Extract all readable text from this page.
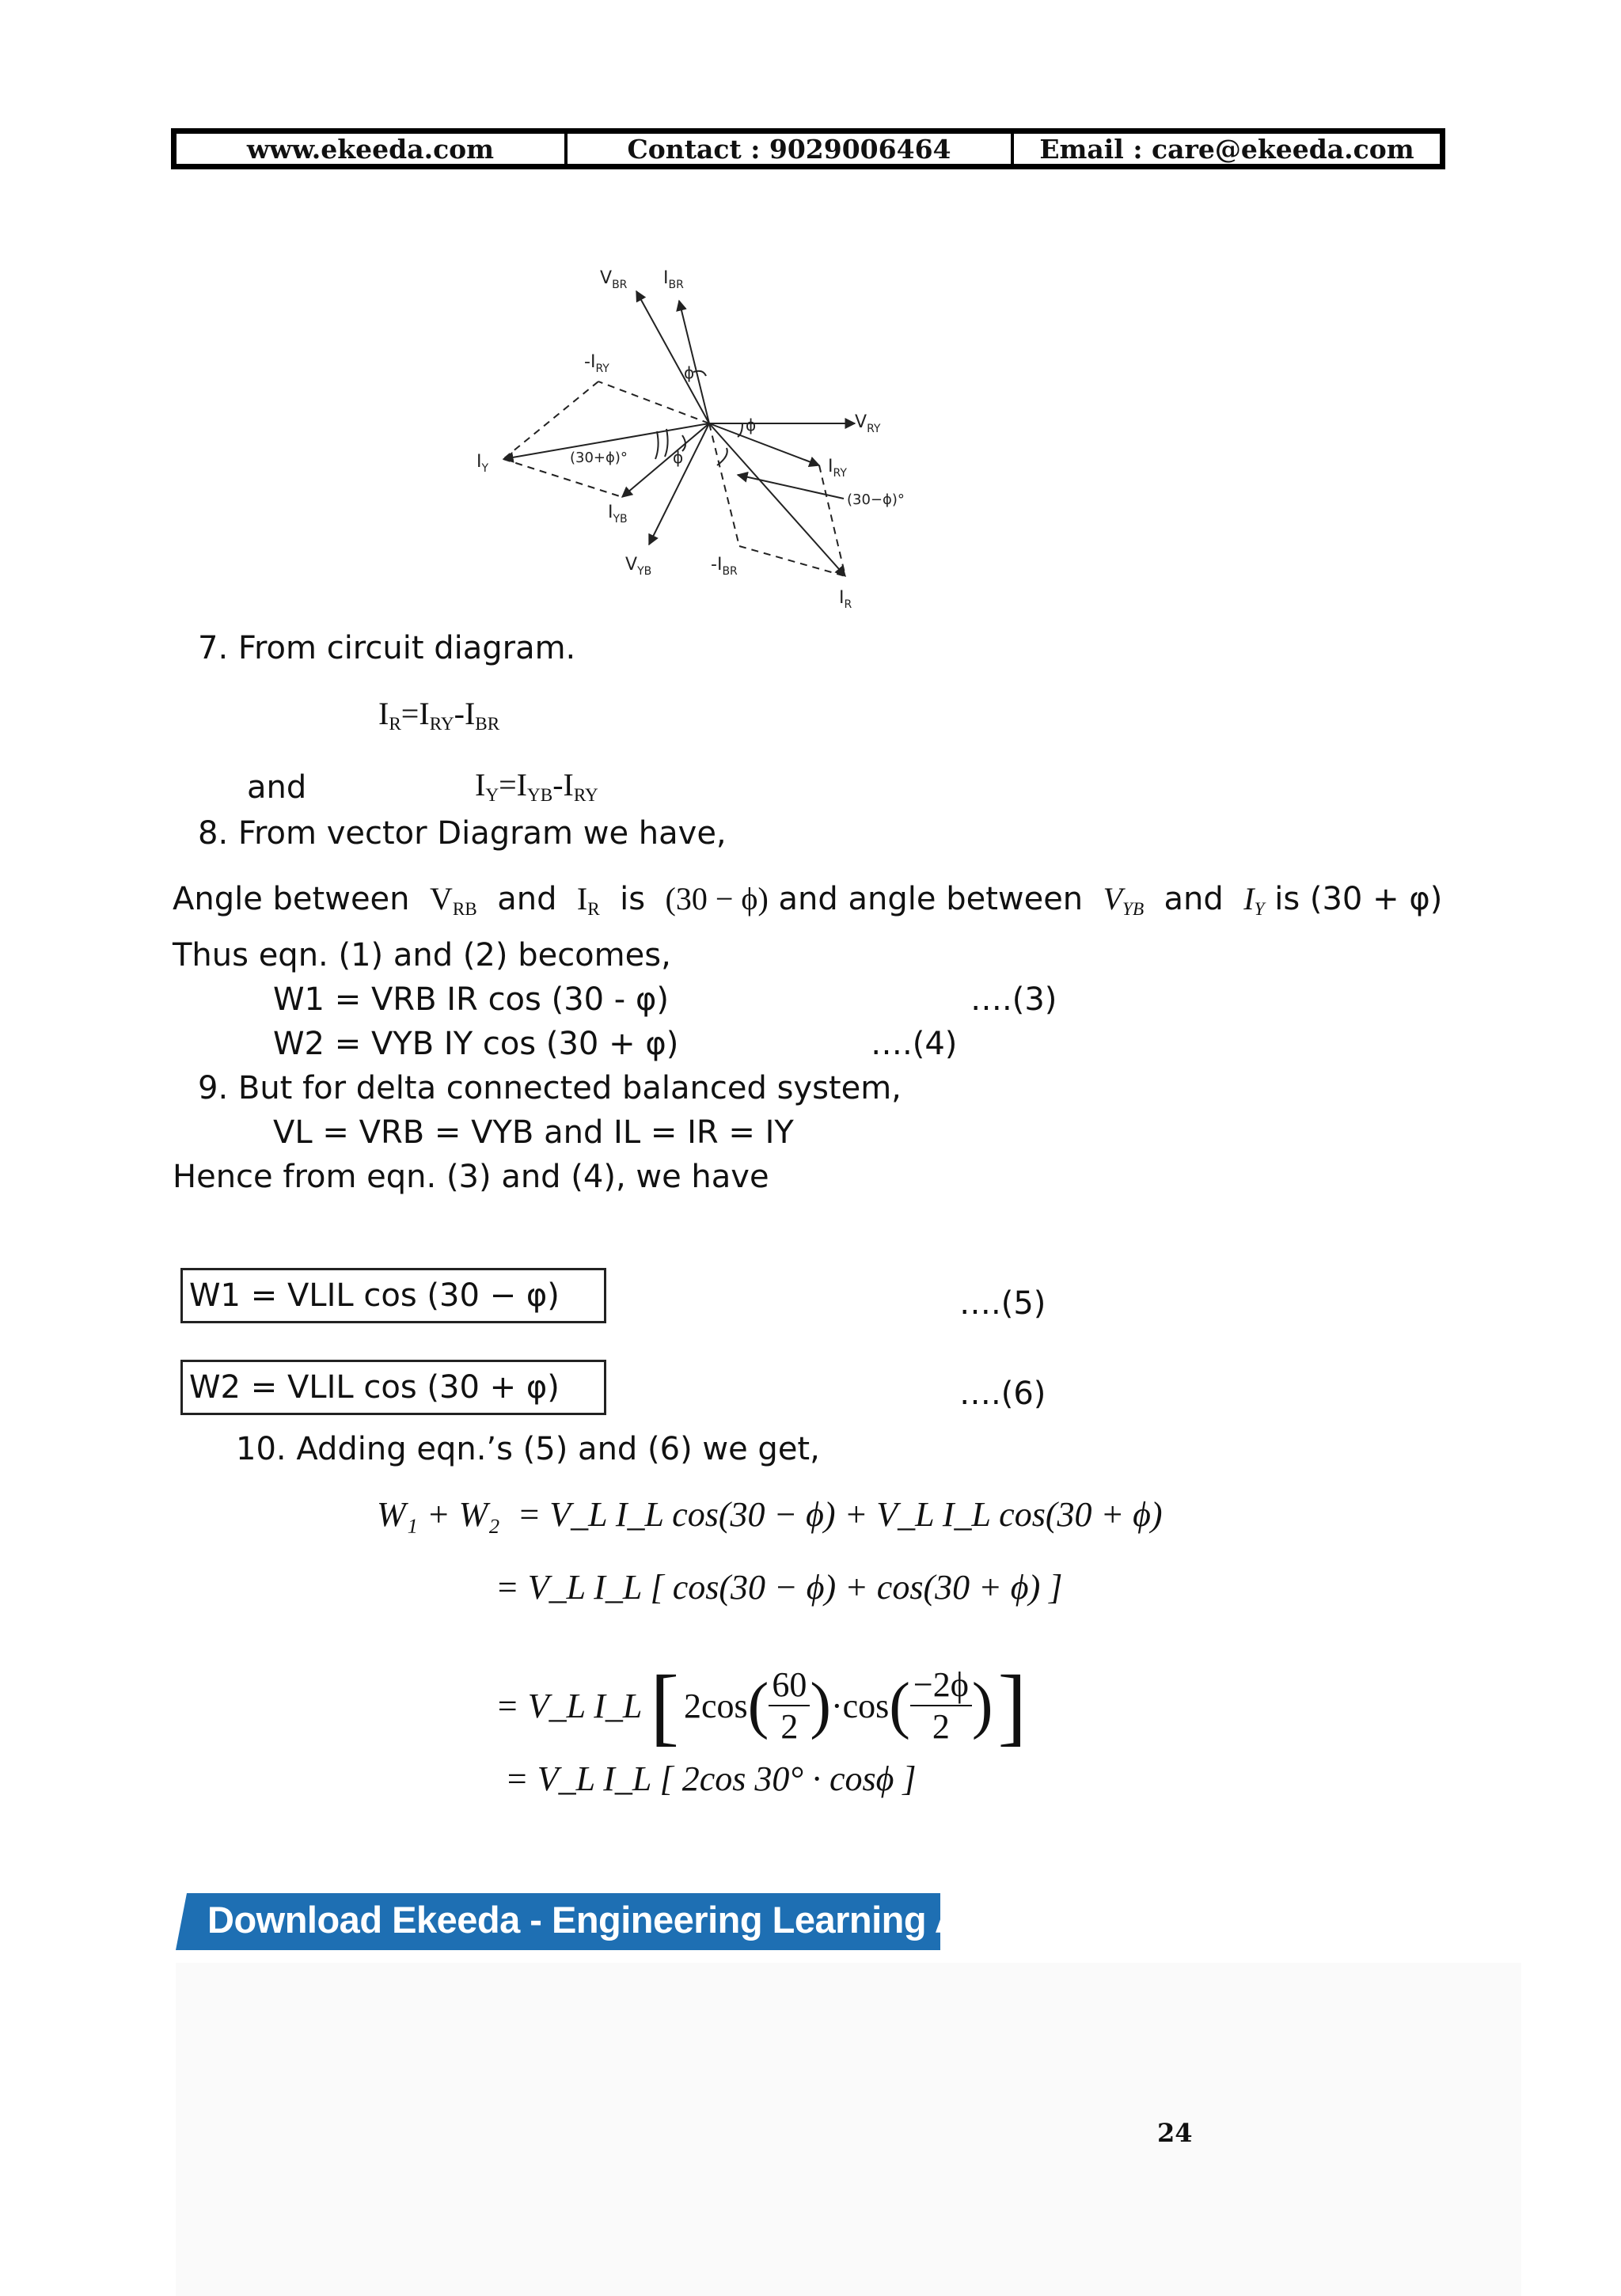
www.ekeeda.com	Contact : 9029006464	Email : care@ekeeda.com
$V_{BR}$ $I_{BR}$
$-I_{RY}$	ϕ
ϕ	$V_{RY}$
$I_Y$
(30+ϕ)°	ϕ	$I_{RY}$
(30−ϕ)°
$I_{YB}$
$V_{YB}$	$-I_{BR}$
$I_R$
7. From circuit diagram.
$I_R=I_{RY}-I_{BR}$
and	$I_Y=I_{YB}-I_{RY}$
8. From vector Diagram we have,
Angle between $V_{RB}$ and $I_R$ is (30 − ϕ) and angle between $V_{YB}$ and $I_Y$ is (30 + φ)
Thus eqn. (1) and (2) becomes,
W1 = VRB IR cos (30 - φ)	….(3)
W2 = VYB IY cos (30 + φ)	….(4)
9. But for delta connected balanced system,
VL = VRB = VYB and IL = IR = IY
Hence from eqn. (3) and (4), we have
W1 = VLIL cos (30 − φ)	….(5)
W2 = VLIL cos (30 + φ)	….(6)
10. Adding eqn.’s (5) and (6) we get,
W₁ + W₂ = V_L I_L cos(30 − ϕ) + V_L I_L cos(30 + ϕ)
= V_L I_L [ cos(30 − ϕ) + cos(30 + ϕ) ]
= V_L I_L [ 2cos ( 60
2 ) ·cos ( −2ϕ
2 ) ]
= V_L I_L [ 2cos 30° · cosϕ ]
Download Ekeeda - Engineering Learning App
24
